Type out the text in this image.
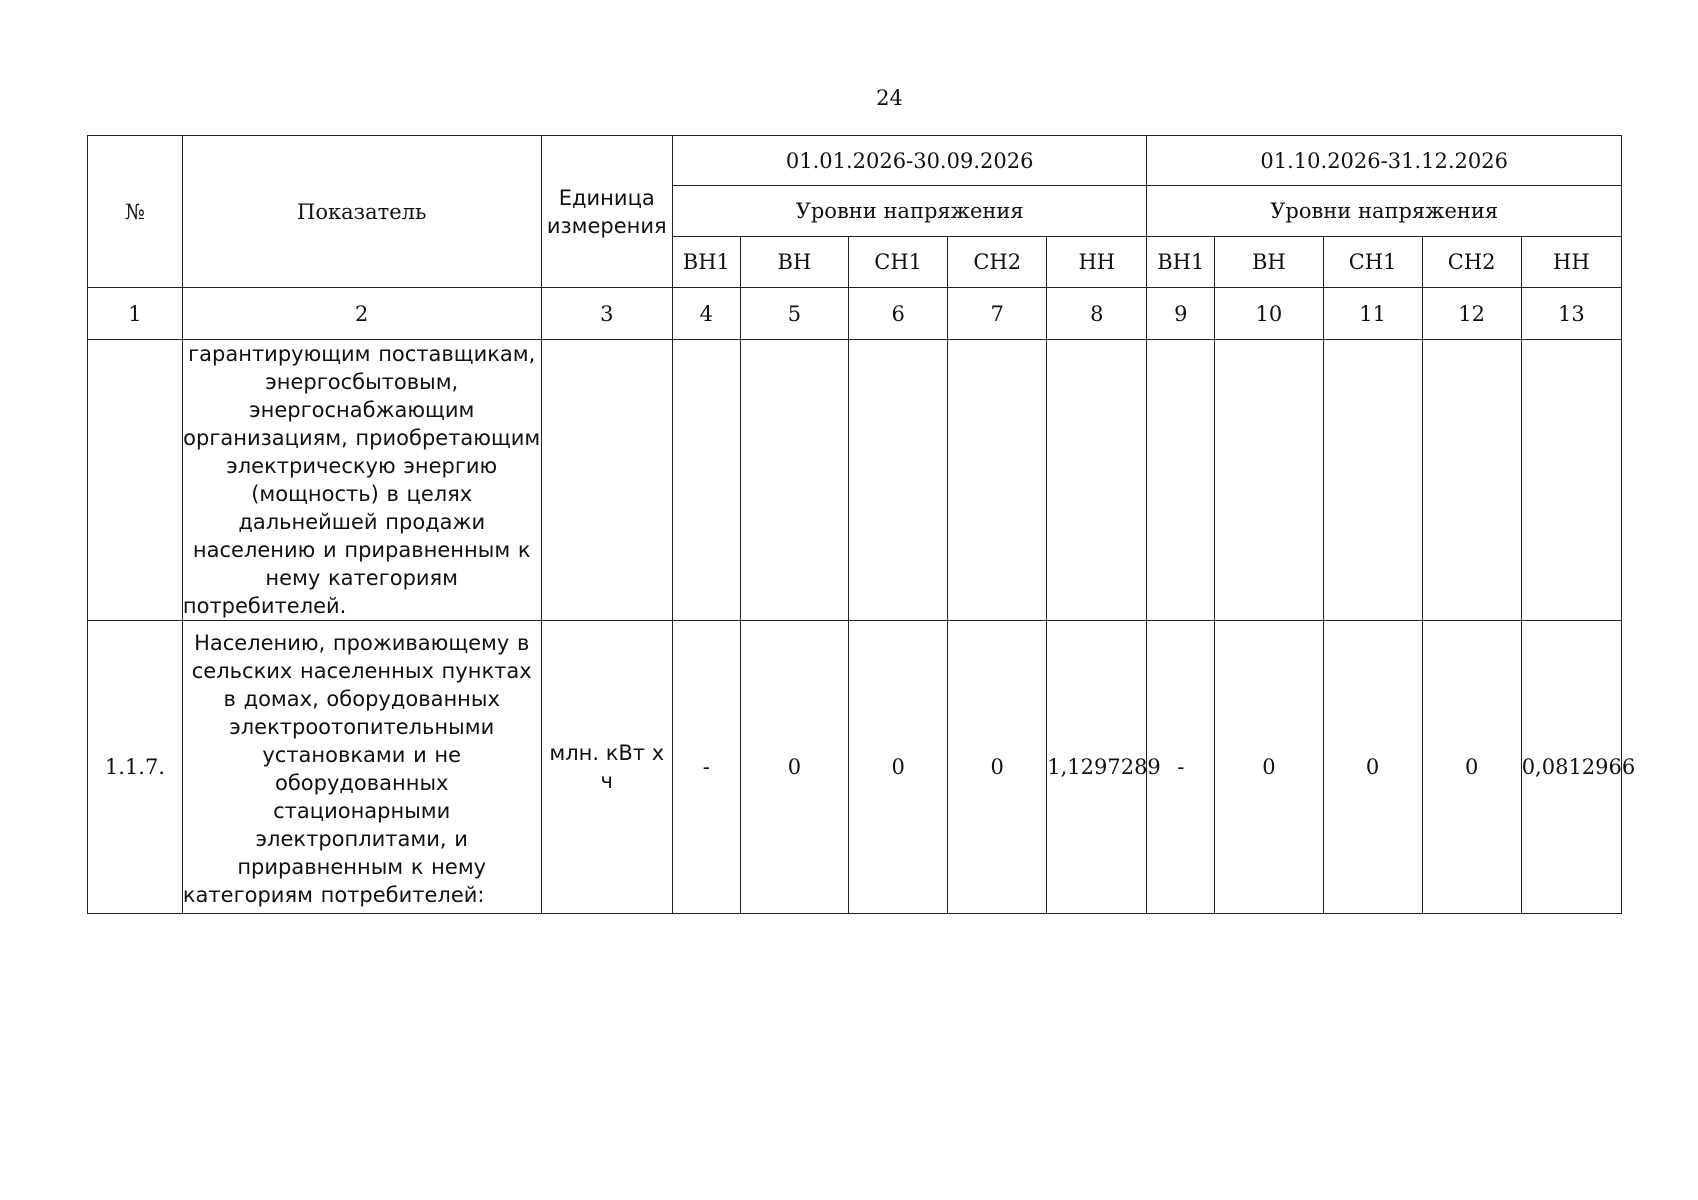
24
№	Показатель	Единица измерения	01.01.2026-30.09.2026					01.10.2026-31.12.2026				
			Уровни напряжения					Уровни напряжения				
			ВН1	ВН	СН1	СН2	НН	ВН1	ВН	СН1	СН2	НН
1	2	3	4	5	6	7	8	9	10	11	12	13
	гарантирующим поставщикам, энергосбытовым, энергоснабжающим организациям, приобретающим электрическую энергию (мощность) в целях дальнейшей продажи населению и приравненным к нему категориям потребителей.											
1.1.7.	Населению, проживающему в сельских населенных пунктах в домах, оборудованных электроотопительными установками и не оборудованных стационарными электроплитами, и приравненным к нему категориям потребителей:	млн. кВт х ч	-	0	0	0	1,1297289	-	0	0	0	0,0812966
